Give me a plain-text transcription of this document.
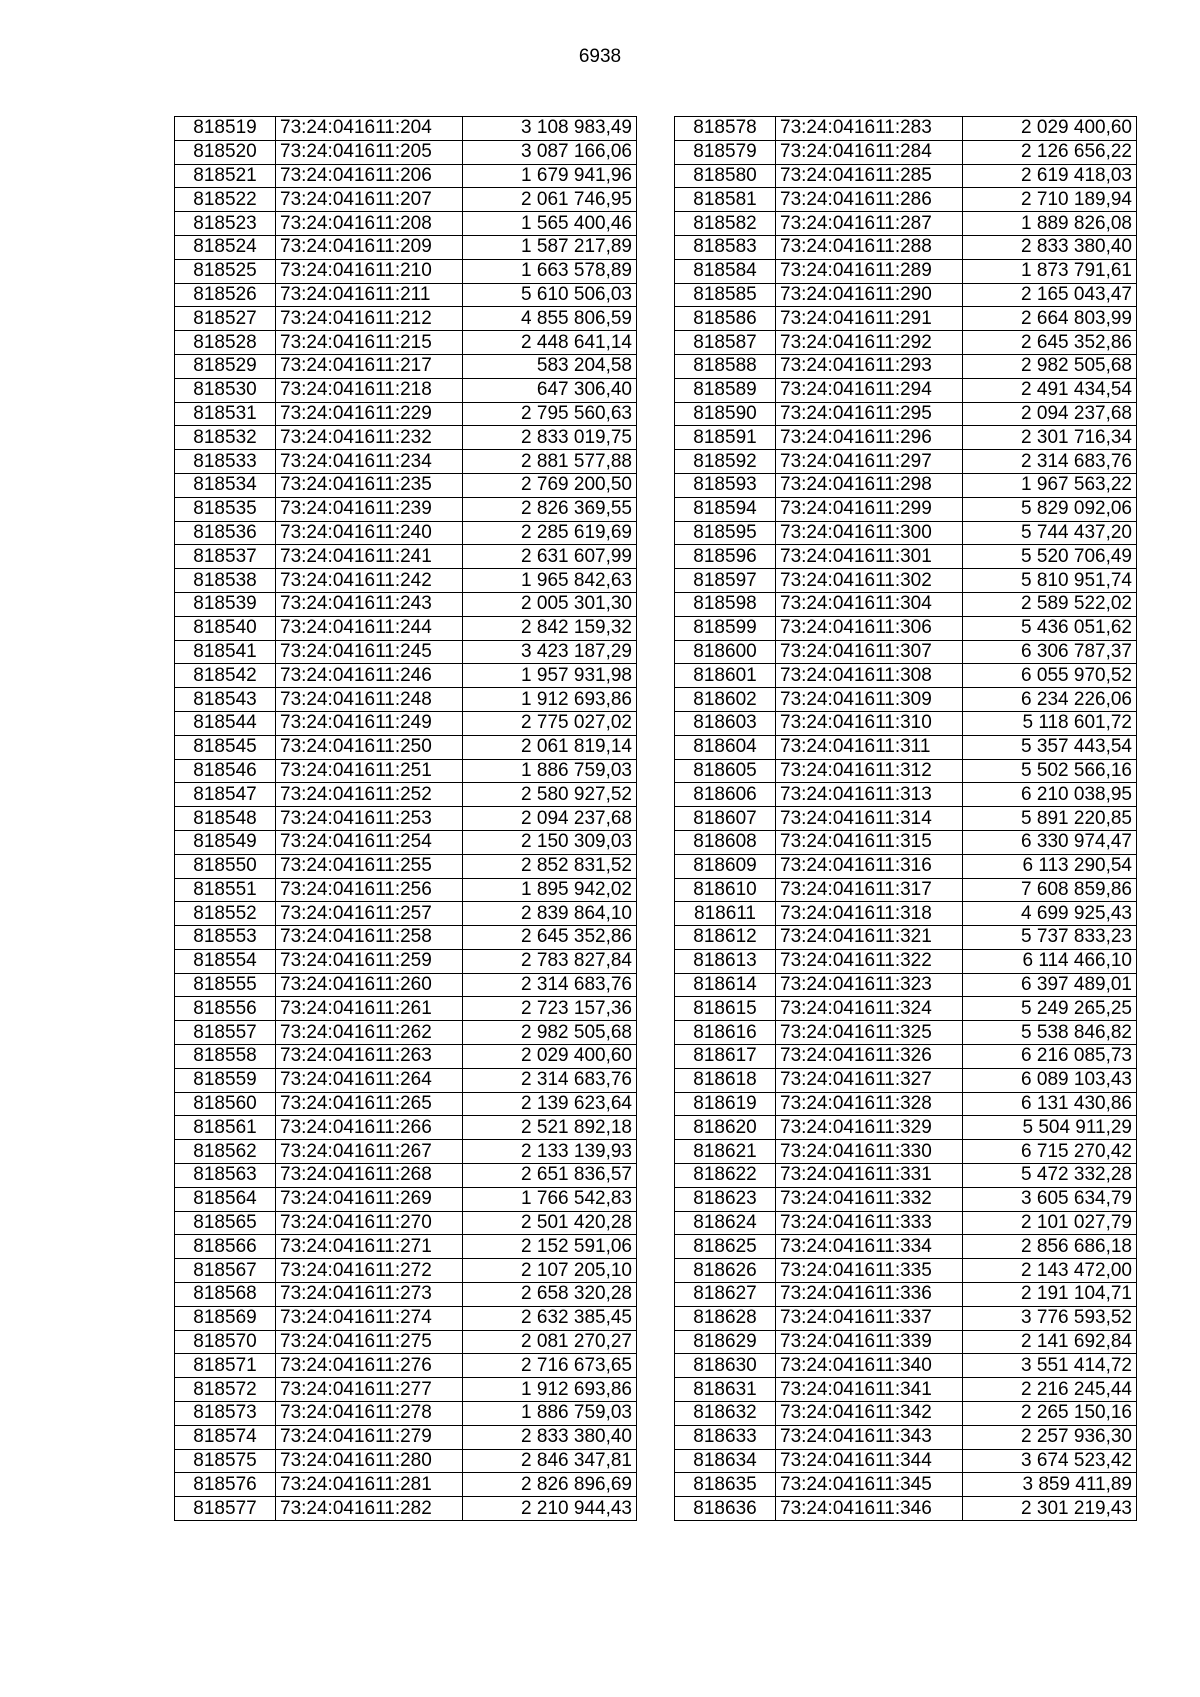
6938
818519	73:24:041611:204	3 108 983,49
818520	73:24:041611:205	3 087 166,06
818521	73:24:041611:206	1 679 941,96
818522	73:24:041611:207	2 061 746,95
818523	73:24:041611:208	1 565 400,46
818524	73:24:041611:209	1 587 217,89
818525	73:24:041611:210	1 663 578,89
818526	73:24:041611:211	5 610 506,03
818527	73:24:041611:212	4 855 806,59
818528	73:24:041611:215	2 448 641,14
818529	73:24:041611:217	583 204,58
818530	73:24:041611:218	647 306,40
818531	73:24:041611:229	2 795 560,63
818532	73:24:041611:232	2 833 019,75
818533	73:24:041611:234	2 881 577,88
818534	73:24:041611:235	2 769 200,50
818535	73:24:041611:239	2 826 369,55
818536	73:24:041611:240	2 285 619,69
818537	73:24:041611:241	2 631 607,99
818538	73:24:041611:242	1 965 842,63
818539	73:24:041611:243	2 005 301,30
818540	73:24:041611:244	2 842 159,32
818541	73:24:041611:245	3 423 187,29
818542	73:24:041611:246	1 957 931,98
818543	73:24:041611:248	1 912 693,86
818544	73:24:041611:249	2 775 027,02
818545	73:24:041611:250	2 061 819,14
818546	73:24:041611:251	1 886 759,03
818547	73:24:041611:252	2 580 927,52
818548	73:24:041611:253	2 094 237,68
818549	73:24:041611:254	2 150 309,03
818550	73:24:041611:255	2 852 831,52
818551	73:24:041611:256	1 895 942,02
818552	73:24:041611:257	2 839 864,10
818553	73:24:041611:258	2 645 352,86
818554	73:24:041611:259	2 783 827,84
818555	73:24:041611:260	2 314 683,76
818556	73:24:041611:261	2 723 157,36
818557	73:24:041611:262	2 982 505,68
818558	73:24:041611:263	2 029 400,60
818559	73:24:041611:264	2 314 683,76
818560	73:24:041611:265	2 139 623,64
818561	73:24:041611:266	2 521 892,18
818562	73:24:041611:267	2 133 139,93
818563	73:24:041611:268	2 651 836,57
818564	73:24:041611:269	1 766 542,83
818565	73:24:041611:270	2 501 420,28
818566	73:24:041611:271	2 152 591,06
818567	73:24:041611:272	2 107 205,10
818568	73:24:041611:273	2 658 320,28
818569	73:24:041611:274	2 632 385,45
818570	73:24:041611:275	2 081 270,27
818571	73:24:041611:276	2 716 673,65
818572	73:24:041611:277	1 912 693,86
818573	73:24:041611:278	1 886 759,03
818574	73:24:041611:279	2 833 380,40
818575	73:24:041611:280	2 846 347,81
818576	73:24:041611:281	2 826 896,69
818577	73:24:041611:282	2 210 944,43
818578	73:24:041611:283	2 029 400,60
818579	73:24:041611:284	2 126 656,22
818580	73:24:041611:285	2 619 418,03
818581	73:24:041611:286	2 710 189,94
818582	73:24:041611:287	1 889 826,08
818583	73:24:041611:288	2 833 380,40
818584	73:24:041611:289	1 873 791,61
818585	73:24:041611:290	2 165 043,47
818586	73:24:041611:291	2 664 803,99
818587	73:24:041611:292	2 645 352,86
818588	73:24:041611:293	2 982 505,68
818589	73:24:041611:294	2 491 434,54
818590	73:24:041611:295	2 094 237,68
818591	73:24:041611:296	2 301 716,34
818592	73:24:041611:297	2 314 683,76
818593	73:24:041611:298	1 967 563,22
818594	73:24:041611:299	5 829 092,06
818595	73:24:041611:300	5 744 437,20
818596	73:24:041611:301	5 520 706,49
818597	73:24:041611:302	5 810 951,74
818598	73:24:041611:304	2 589 522,02
818599	73:24:041611:306	5 436 051,62
818600	73:24:041611:307	6 306 787,37
818601	73:24:041611:308	6 055 970,52
818602	73:24:041611:309	6 234 226,06
818603	73:24:041611:310	5 118 601,72
818604	73:24:041611:311	5 357 443,54
818605	73:24:041611:312	5 502 566,16
818606	73:24:041611:313	6 210 038,95
818607	73:24:041611:314	5 891 220,85
818608	73:24:041611:315	6 330 974,47
818609	73:24:041611:316	6 113 290,54
818610	73:24:041611:317	7 608 859,86
818611	73:24:041611:318	4 699 925,43
818612	73:24:041611:321	5 737 833,23
818613	73:24:041611:322	6 114 466,10
818614	73:24:041611:323	6 397 489,01
818615	73:24:041611:324	5 249 265,25
818616	73:24:041611:325	5 538 846,82
818617	73:24:041611:326	6 216 085,73
818618	73:24:041611:327	6 089 103,43
818619	73:24:041611:328	6 131 430,86
818620	73:24:041611:329	5 504 911,29
818621	73:24:041611:330	6 715 270,42
818622	73:24:041611:331	5 472 332,28
818623	73:24:041611:332	3 605 634,79
818624	73:24:041611:333	2 101 027,79
818625	73:24:041611:334	2 856 686,18
818626	73:24:041611:335	2 143 472,00
818627	73:24:041611:336	2 191 104,71
818628	73:24:041611:337	3 776 593,52
818629	73:24:041611:339	2 141 692,84
818630	73:24:041611:340	3 551 414,72
818631	73:24:041611:341	2 216 245,44
818632	73:24:041611:342	2 265 150,16
818633	73:24:041611:343	2 257 936,30
818634	73:24:041611:344	3 674 523,42
818635	73:24:041611:345	3 859 411,89
818636	73:24:041611:346	2 301 219,43
